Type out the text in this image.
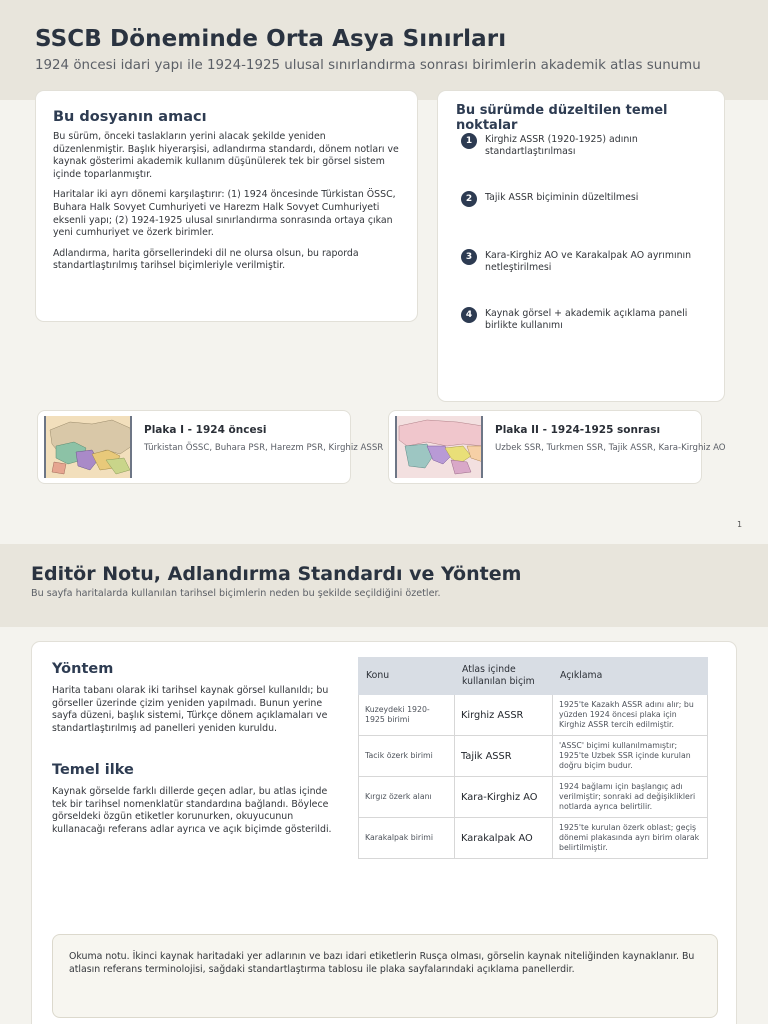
SSCB Döneminde Orta Asya Sınırları
1924 öncesi idari yapı ile 1924-1925 ulusal sınırlandırma sonrası birimlerin akademik atlas sunumu
Bu dosyanın amacı

Bu sürüm, önceki taslakların yerini alacak şekilde yeniden düzenlenmiştir. Başlık hiyerarşisi, adlandırma standardı, dönem notları ve kaynak gösterimi akademik kullanım düşünülerek tek bir görsel sistem içinde toparlanmıştır.

Haritalar iki ayrı dönemi karşılaştırır: (1) 1924 öncesinde Türkistan ÖSSC, Buhara Halk Sovyet Cumhuriyeti ve Harezm Halk Sovyet Cumhuriyeti eksenli yapı; (2) 1924-1925 ulusal sınırlandırma sonrasında ortaya çıkan yeni cumhuriyet ve özerk birimler.

Adlandırma, harita görsellerindeki dil ne olursa olsun, bu raporda standartlaştırılmış tarihsel biçimleriyle verilmiştir.

Bu sürümde düzeltilen temel noktalar
1	Kirghiz ASSR (1920-1925) adının standartlaştırılması
2	Tajik ASSR biçiminin düzeltilmesi
3	Kara-Kirghiz AO ve Karakalpak AO ayrımının netleştirilmesi
4	Kaynak görsel + akademik açıklama paneli birlikte kullanımı
Plaka I - 1924 öncesi
Türkistan ÖSSC, Buhara PSR, Harezm PSR, Kirghiz ASSR
Plaka II - 1924-1925 sonrası
Uzbek SSR, Turkmen SSR, Tajik ASSR, Kara-Kirghiz AO
1
Editör Notu, Adlandırma Standardı ve Yöntem
Bu sayfa haritalarda kullanılan tarihsel biçimlerin neden bu şekilde seçildiğini özetler.
Yöntem

Harita tabanı olarak iki tarihsel kaynak görsel kullanıldı; bu görseller üzerinde çizim yeniden yapılmadı. Bunun yerine sayfa düzeni, başlık sistemi, Türkçe dönem açıklamaları ve standartlaştırılmış ad panelleri yeniden kuruldu.

Temel ilke

Kaynak görselde farklı dillerde geçen adlar, bu atlas içinde tek bir tarihsel nomenklatür standardına bağlandı. Böylece görseldeki özgün etiketler korunurken, okuyucunun kullanacağı referans adlar ayrıca ve açık biçimde gösterildi.

Konu	Atlas içinde kullanılan biçim	Açıklama
Kuzeydeki 1920-1925 birimi	Kirghiz ASSR	1925'te Kazakh ASSR adını alır; bu yüzden 1924 öncesi plaka için Kirghiz ASSR tercih edilmiştir.
Tacik özerk birimi	Tajik ASSR	'ASSC' biçimi kullanılmamıştır; 1925'te Uzbek SSR içinde kurulan doğru biçim budur.
Kırgız özerk alanı	Kara-Kirghiz AO	1924 bağlamı için başlangıç adı verilmiştir; sonraki ad değişiklikleri notlarda ayrıca belirtilir.
Karakalpak birimi	Karakalpak AO	1925'te kurulan özerk oblast; geçiş dönemi plakasında ayrı birim olarak belirtilmiştir.
Okuma notu. İkinci kaynak haritadaki yer adlarının ve bazı idari etiketlerin Rusça olması, görselin kaynak niteliğinden kaynaklanır. Bu atlasın referans terminolojisi, sağdaki standartlaştırma tablosu ile plaka sayfalarındaki açıklama panellerdir.
